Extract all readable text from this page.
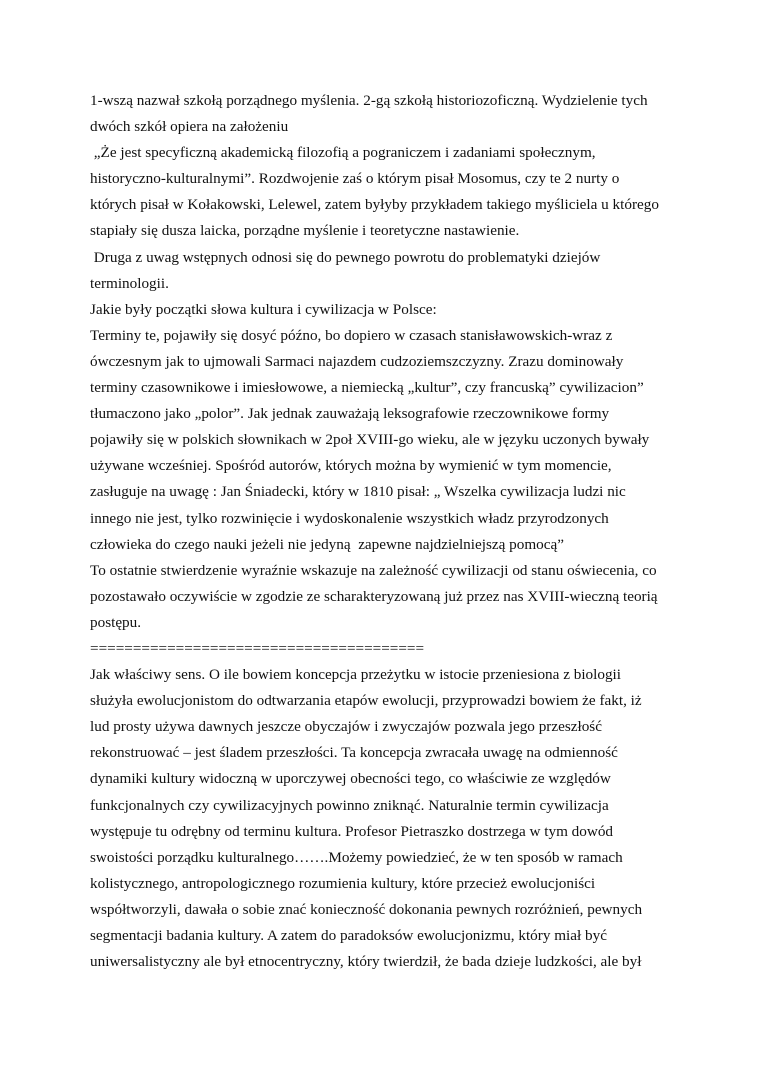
1-wszą nazwał szkołą porządnego myślenia. 2-gą szkołą historiozoficzną. Wydzielenie tych

dwóch szkół opiera na założeniu

„Że jest specyficzną akademicką filozofią a pograniczem i zadaniami społecznym,

historyczno-kulturalnymi”. Rozdwojenie zaś o którym pisał Mosomus, czy te 2 nurty o

których pisał w Kołakowski, Lelewel, zatem byłyby przykładem takiego myśliciela u którego

stapiały się dusza laicka, porządne myślenie i teoretyczne nastawienie.

Druga z uwag wstępnych odnosi się do pewnego powrotu do problematyki dziejów

terminologii.

Jakie były początki słowa kultura i cywilizacja w Polsce:

Terminy te, pojawiły się dosyć późno, bo dopiero w czasach stanisławowskich-wraz z

ówczesnym jak to ujmowali Sarmaci najazdem cudzoziemszczyzny. Zrazu dominowały

terminy czasownikowe i imiesłowowe, a niemiecką „kultur”, czy francuską” cywilizacion”

tłumaczono jako „polor”. Jak jednak zauważają leksografowie rzeczownikowe formy

pojawiły się w polskich słownikach w 2poł XVIII-go wieku, ale w języku uczonych bywały

używane wcześniej. Spośród autorów, których można by wymienić w tym momencie,

zasługuje na uwagę : Jan Śniadecki, który w 1810 pisał: „ Wszelka cywilizacja ludzi nic

innego nie jest, tylko rozwinięcie i wydoskonalenie wszystkich władz przyrodzonych

człowieka do czego nauki jeżeli nie jedyną  zapewne najdzielniejszą pomocą”

To ostatnie stwierdzenie wyraźnie wskazuje na zależność cywilizacji od stanu oświecenia, co

pozostawało oczywiście w zgodzie ze scharakteryzowaną już przez nas XVIII-wieczną teorią

postępu.

=======================================

Jak właściwy sens. O ile bowiem koncepcja przeżytku w istocie przeniesiona z biologii

służyła ewolucjonistom do odtwarzania etapów ewolucji, przyprowadzi bowiem że fakt, iż

lud prosty używa dawnych jeszcze obyczajów i zwyczajów pozwala jego przeszłość

rekonstruować – jest śladem przeszłości. Ta koncepcja zwracała uwagę na odmienność

dynamiki kultury widoczną w uporczywej obecności tego, co właściwie ze względów

funkcjonalnych czy cywilizacyjnych powinno zniknąć. Naturalnie termin cywilizacja

występuje tu odrębny od terminu kultura. Profesor Pietraszko dostrzega w tym dowód

swoistości porządku kulturalnego…….Możemy powiedzieć, że w ten sposób w ramach

kolistycznego, antropologicznego rozumienia kultury, które przecież ewolucjoniści

współtworzyli, dawała o sobie znać konieczność dokonania pewnych rozróżnień, pewnych

segmentacji badania kultury. A zatem do paradoksów ewolucjonizmu, który miał być

uniwersalistyczny ale był etnocentryczny, który twierdził, że bada dzieje ludzkości, ale był
